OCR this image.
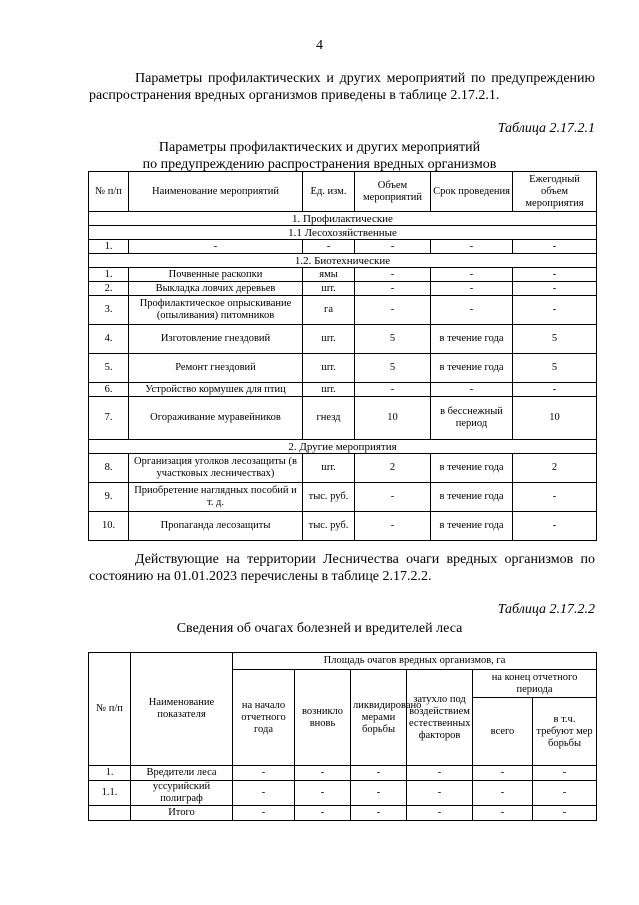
4
Параметры профилактических и других мероприятий по предупреждению распространения вредных организмов приведены в таблице 2.17.2.1.
Таблица 2.17.2.1
Параметры профилактических и других мероприятий
по предупреждению распространения вредных организмов
№ п/п	Наименование мероприятий	Ед. изм.	Объем мероприятий	Срок проведения	Ежегодный объем мероприятия
1. Профилактические					
1.1 Лесохозяйственные					
1.	-	-	-	-	-
1.2. Биотехнические					
1.	Почвенные раскопки	ямы	-	-	-
2.	Выкладка ловчих деревьев	шт.	-	-	-
3.	Профилактическое опрыскивание (опыливания) питомников	га	-	-	-
4.	Изготовление гнездовий	шт.	5	в течение года	5
5.	Ремонт гнездовий	шт.	5	в течение года	5
6.	Устройство кормушек для птиц	шт.	-	-	-
7.	Огораживание муравейников	гнезд	10	в бесснежный период	10
2. Другие мероприятия					
8.	Организация уголков лесозащиты (в участковых лесничествах)	шт.	2	в течение года	2
9.	Приобретение наглядных пособий и т. д.	тыс. руб.	-	в течение года	-
10.	Пропаганда лесозащиты	тыс. руб.	-	в течение года	-
Действующие на территории Лесничества очаги вредных организмов по состоянию на 01.01.2023 перечислены в таблице 2.17.2.2.
Таблица 2.17.2.2
Сведения об очагах болезней и вредителей леса
№ п/п	Наименование показателя	Площадь очагов вредных организмов, га					
		на начало отчетного года	возникло вновь	ликвидировано мерами борьбы	затухло под воздействием естественных факторов	на конец отчетного периода	
						всего	в т.ч. требуют мер борьбы
1.	Вредители леса	-	-	-	-	-	-
1.1.	уссурийский полиграф	-	-	-	-	-	-
	Итого	-	-	-	-	-	-
